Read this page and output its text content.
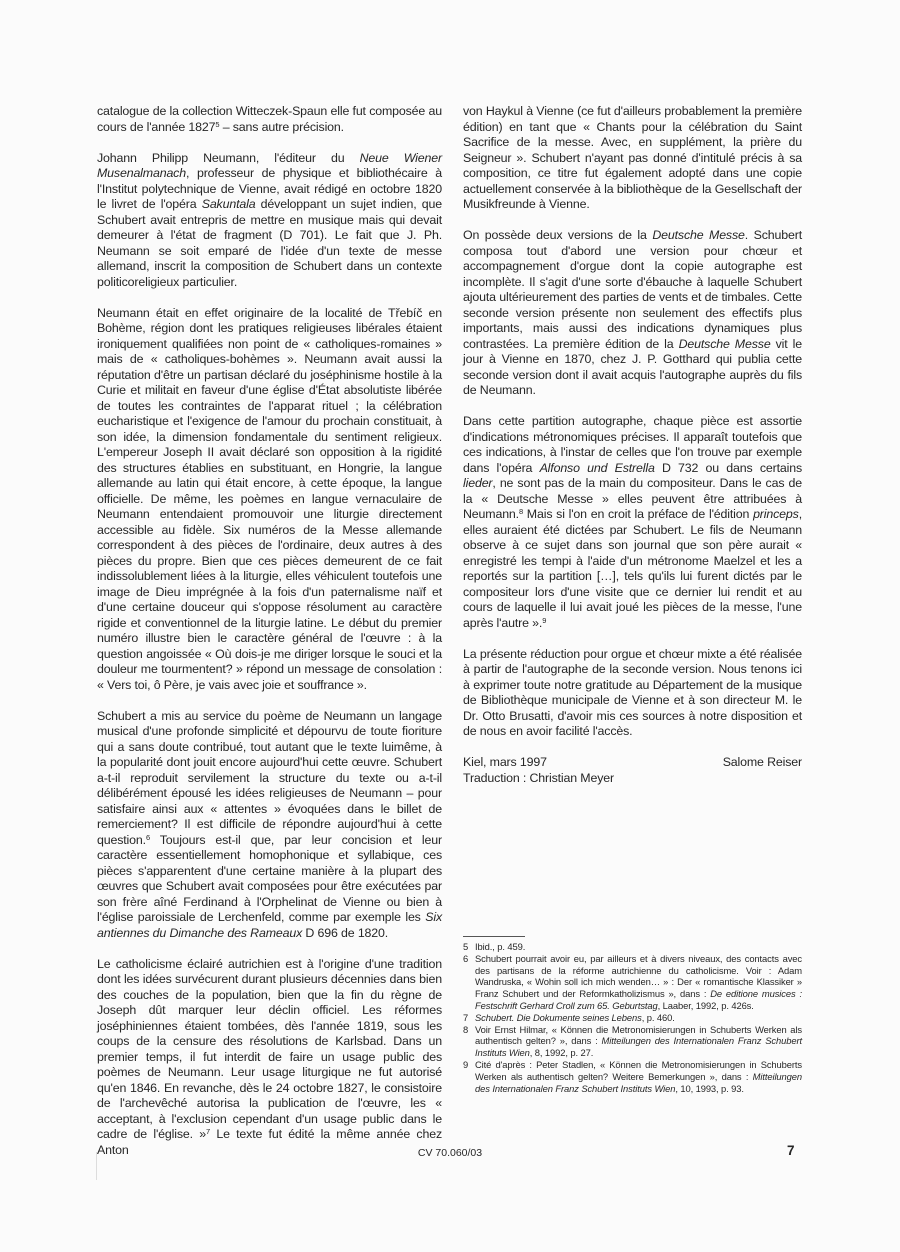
catalogue de la collection Witteczek-Spaun elle fut composée au cours de l'année 1827$^5$ – sans autre précision.

Johann Philipp Neumann, l'éditeur du Neue Wiener Musenalmanach, professeur de physique et bibliothécaire à l'Institut polytechnique de Vienne, avait rédigé en octobre 1820 le livret de l'opéra Sakuntala développant un sujet indien, que Schubert avait entrepris de mettre en musique mais qui devait demeurer à l'état de fragment (D 701). Le fait que J. Ph. Neumann se soit emparé de l'idée d'un texte de messe allemand, inscrit la composition de Schubert dans un contexte politicoreligieux particulier.

Neumann était en effet originaire de la localité de Třebíč en Bohème, région dont les pratiques religieuses libérales étaient ironiquement qualifiées non point de « catholiques-romaines » mais de « catholiques-bohèmes ». Neumann avait aussi la réputation d'être un partisan déclaré du joséphinisme hostile à la Curie et militait en faveur d'une église d'État absolutiste libérée de toutes les contraintes de l'apparat rituel ; la célébration eucharistique et l'exigence de l'amour du prochain constituait, à son idée, la dimension fondamentale du sentiment religieux. L'empereur Joseph II avait déclaré son opposition à la rigidité des structures établies en substituant, en Hongrie, la langue allemande au latin qui était encore, à cette époque, la langue officielle. De même, les poèmes en langue vernaculaire de Neumann entendaient promouvoir une liturgie directement accessible au fidèle. Six numéros de la Messe allemande correspondent à des pièces de l'ordinaire, deux autres à des pièces du propre. Bien que ces pièces demeurent de ce fait indissolublement liées à la liturgie, elles véhiculent toutefois une image de Dieu imprégnée à la fois d'un paternalisme naïf et d'une certaine douceur qui s'oppose résolument au caractère rigide et conventionnel de la liturgie latine. Le début du premier numéro illustre bien le caractère général de l'œuvre : à la question angoissée « Où dois-je me diriger lorsque le souci et la douleur me tourmentent? » répond un message de consolation : « Vers toi, ô Père, je vais avec joie et souffrance ».

Schubert a mis au service du poème de Neumann un langage musical d'une profonde simplicité et dépourvu de toute fioriture qui a sans doute contribué, tout autant que le texte luimême, à la popularité dont jouit encore aujourd'hui cette œuvre. Schubert a-t-il reproduit servilement la structure du texte ou a-t-il délibérément épousé les idées religieuses de Neumann – pour satisfaire ainsi aux « attentes » évoquées dans le billet de remerciement? Il est difficile de répondre aujourd'hui à cette question.$^6$ Toujours est-il que, par leur concision et leur caractère essentiellement homophonique et syllabique, ces pièces s'apparentent d'une certaine manière à la plupart des œuvres que Schubert avait composées pour être exécutées par son frère aîné Ferdinand à l'Orphelinat de Vienne ou bien à l'église paroissiale de Lerchenfeld, comme par exemple les Six antiennes du Dimanche des Rameaux D 696 de 1820.

Le catholicisme éclairé autrichien est à l'origine d'une tradition dont les idées survécurent durant plusieurs décennies dans bien des couches de la population, bien que la fin du règne de Joseph dût marquer leur déclin officiel. Les réformes joséphiniennes étaient tombées, dès l'année 1819, sous les coups de la censure des résolutions de Karlsbad. Dans un premier temps, il fut interdit de faire un usage public des poèmes de Neumann. Leur usage liturgique ne fut autorisé qu'en 1846. En revanche, dès le 24 octobre 1827, le consistoire de l'archevêché autorisa la publication de l'œuvre, les « acceptant, à l'exclusion cependant d'un usage public dans le cadre de l'église. »$^7$ Le texte fut édité la même année chez Anton

von Haykul à Vienne (ce fut d'ailleurs probablement la première édition) en tant que « Chants pour la célébration du Saint Sacrifice de la messe. Avec, en supplément, la prière du Seigneur ». Schubert n'ayant pas donné d'intitulé précis à sa composition, ce titre fut également adopté dans une copie actuellement conservée à la bibliothèque de la Gesellschaft der Musikfreunde à Vienne.

On possède deux versions de la Deutsche Messe. Schubert composa tout d'abord une version pour chœur et accompagnement d'orgue dont la copie autographe est incomplète. Il s'agit d'une sorte d'ébauche à laquelle Schubert ajouta ultérieurement des parties de vents et de timbales. Cette seconde version présente non seulement des effectifs plus importants, mais aussi des indications dynamiques plus contrastées. La première édition de la Deutsche Messe vit le jour à Vienne en 1870, chez J. P. Gotthard qui publia cette seconde version dont il avait acquis l'autographe auprès du fils de Neumann.

Dans cette partition autographe, chaque pièce est assortie d'indications métronomiques précises. Il apparaît toutefois que ces indications, à l'instar de celles que l'on trouve par exemple dans l'opéra Alfonso und Estrella D 732 ou dans certains lieder, ne sont pas de la main du compositeur. Dans le cas de la « Deutsche Messe » elles peuvent être attribuées à Neumann.$^8$ Mais si l'on en croit la préface de l'édition princeps, elles auraient été dictées par Schubert. Le fils de Neumann observe à ce sujet dans son journal que son père aurait « enregistré les tempi à l'aide d'un métronome Maelzel et les a reportés sur la partition […], tels qu'ils lui furent dictés par le compositeur lors d'une visite que ce dernier lui rendit et au cours de laquelle il lui avait joué les pièces de la messe, l'une après l'autre ».$^9$

La présente réduction pour orgue et chœur mixte a été réalisée à partir de l'autographe de la seconde version. Nous tenons ici à exprimer toute notre gratitude au Département de la musique de Bibliothèque municipale de Vienne et à son directeur M. le Dr. Otto Brusatti, d'avoir mis ces sources à notre disposition et de nous en avoir facilité l'accès.

Kiel, mars 1997	Salome Reiser
Traduction : Christian Meyer
5 Ibid., p. 459.
6 Schubert pourrait avoir eu, par ailleurs et à divers niveaux, des contacts avec des partisans de la réforme autrichienne du catholicisme. Voir : Adam Wandruska, « Wohin soll ich mich wenden… » : Der « romantische Klassiker » Franz Schubert und der Reformkatholizismus », dans : De editione musices : Festschrift Gerhard Croll zum 65. Geburtstag, Laaber, 1992, p. 426s.
7 Schubert. Die Dokumente seines Lebens, p. 460.
8 Voir Ernst Hilmar, « Können die Metronomisierungen in Schuberts Werken als authentisch gelten? », dans : Mitteilungen des Internationalen Franz Schubert Instituts Wien, 8, 1992, p. 27.
9 Cité d'après : Peter Stadlen, « Können die Metronomisierungen in Schuberts Werken als authentisch gelten? Weitere Bemerkungen », dans : Mitteilungen des Internationalen Franz Schubert Instituts Wien, 10, 1993, p. 93.
CV 70.060/03	7
